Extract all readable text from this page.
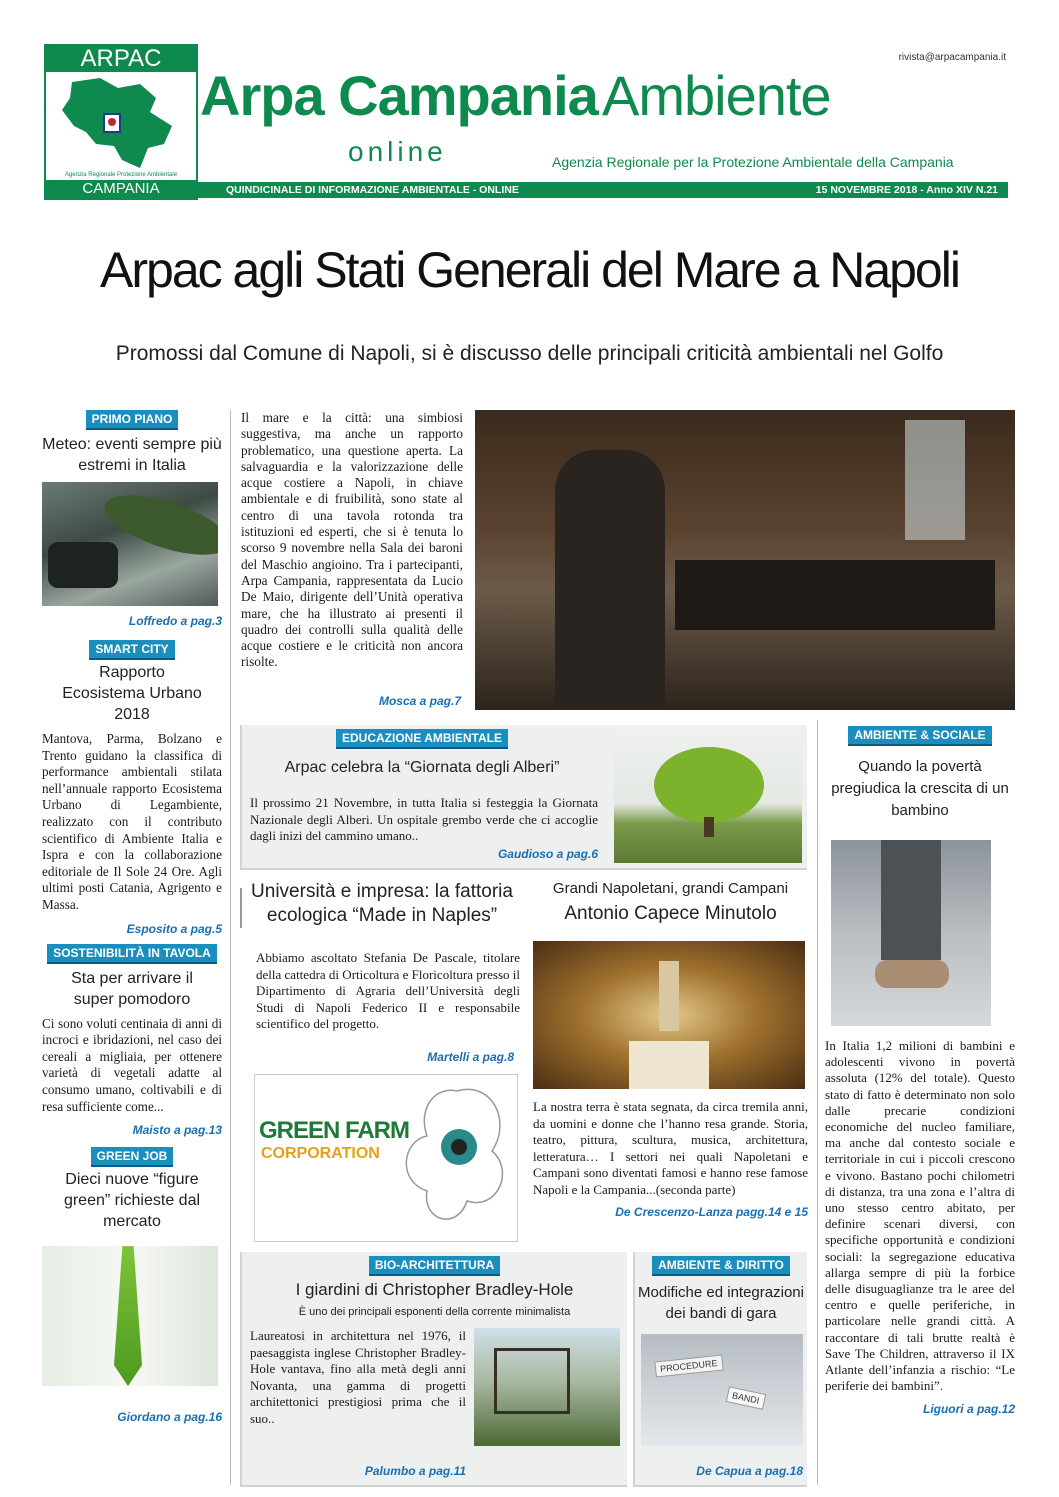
ARPAC
Agenzia Regionale Protezione Ambientale
CAMPANIA
rivista@arpacampania.it
Arpa Campania Ambiente
online	Agenzia Regionale per la Protezione Ambientale della Campania
QUINDICINALE DI INFORMAZIONE AMBIENTALE - ONLINE	15 NOVEMBRE 2018 - Anno XIV N.21
Arpac agli Stati Generali del Mare a Napoli
Promossi dal Comune di Napoli, si è discusso delle principali criticità ambientali nel Golfo
PRIMO PIANO
Meteo: eventi sempre più estremi in Italia
Loffredo a pag.3
SMART CITY
Rapporto Ecosistema Urbano 2018
Mantova, Parma, Bolzano e Trento guidano la classifica di performance ambientali stilata nell’annuale rapporto Ecosistema Urbano di Legambiente, realizzato con il contributo scientifico di Ambiente Italia e Ispra e con la collaborazione editoriale de Il Sole 24 Ore. Agli ultimi posti Catania, Agrigento e Massa.
Esposito a pag.5
SOSTENIBILITÀ IN TAVOLA
Sta per arrivare il super pomodoro
Ci sono voluti centinaia di anni di incroci e ibridazioni, nel caso dei cereali a migliaia, per ottenere varietà di vegetali adatte al consumo umano, coltivabili e di resa sufficiente come...
Maisto a pag.13
GREEN JOB
Dieci nuove “figure green” richieste dal mercato
Giordano a pag.16
Il mare e la città: una simbiosi suggestiva, ma anche un rapporto problematico, una questione aperta. La salvaguardia e la valorizzazione delle acque costiere a Napoli, in chiave ambientale e di fruibilità, sono state al centro di una tavola rotonda tra istituzioni ed esperti, che si è tenuta lo scorso 9 novembre nella Sala dei baroni del Maschio angioino. Tra i partecipanti, Arpa Campania, rappresentata da Lucio De Maio, dirigente dell’Unità operativa mare, che ha illustrato ai presenti il quadro dei controlli sulla qualità delle acque costiere e le criticità non ancora risolte.
Mosca a pag.7
EDUCAZIONE AMBIENTALE
Arpac celebra la “Giornata degli Alberi”
Il prossimo 21 Novembre, in tutta Italia si festeggia la Giornata Nazionale degli Alberi. Un ospitale grembo verde che ci accoglie dagli inizi del cammino umano..
Gaudioso a pag.6
Università e impresa: la fattoria ecologica “Made in Naples”
Abbiamo ascoltato Stefania De Pascale, titolare della cattedra di Orticoltura e Floricoltura presso il Dipartimento di Agraria dell’Università degli Studi di Napoli Federico II e responsabile scientifico del progetto.
Martelli a pag.8
GREEN FARM
CORPORATION
Grandi Napoletani, grandi Campani
Antonio Capece Minutolo
La nostra terra è stata segnata, da circa tremila anni, da uomini e donne che l’hanno resa grande. Storia, teatro, pittura, scultura, musica, architettura, letteratura… I settori nei quali Napoletani e Campani sono diventati famosi e hanno rese famose Napoli e la Campania...(seconda parte)
De Crescenzo-Lanza pagg.14 e 15
BIO-ARCHITETTURA
I giardini di Christopher Bradley-Hole
È uno dei principali esponenti della corrente minimalista
Laureatosi in architettura nel 1976, il paesaggista inglese Christopher Bradley-Hole vantava, fino alla metà degli anni Novanta, una gamma di progetti architettonici prestigiosi prima che il suo..
Palumbo a pag.11
AMBIENTE & DIRITTO
Modifiche ed integrazioni dei bandi di gara
PROCEDURE
BANDI
De Capua a pag.18
AMBIENTE & SOCIALE
Quando la povertà pregiudica la crescita di un bambino
In Italia 1,2 milioni di bambini e adolescenti vivono in povertà assoluta (12% del totale). Questo stato di fatto è determinato non solo dalle precarie condizioni economiche del nucleo familiare, ma anche dal contesto sociale e territoriale in cui i piccoli crescono e vivono. Bastano pochi chilometri di distanza, tra una zona e l’altra di uno stesso centro abitato, per definire scenari diversi, con specifiche opportunità e condizioni sociali: la segregazione educativa allarga sempre di più la forbice delle disuguaglianze tra le aree del centro e quelle periferiche, in particolare nelle grandi città. A raccontare di tali brutte realtà è Save The Children, attraverso il IX Atlante dell’infanzia a rischio: “Le periferie dei bambini”.
Liguori a pag.12
